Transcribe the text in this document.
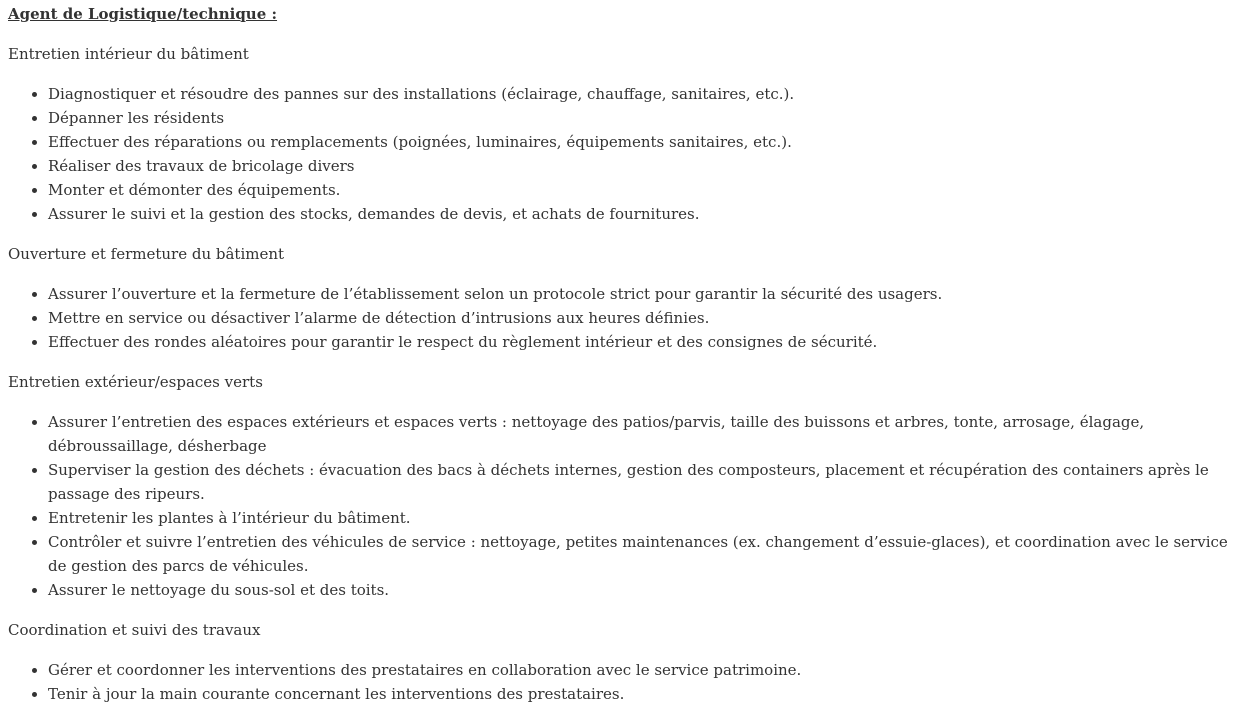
Agent de Logistique/technique :

Entretien intérieur du bâtiment

• Diagnostiquer et résoudre des pannes sur des installations (éclairage, chauffage, sanitaires, etc.).
• Dépanner les résidents
• Effectuer des réparations ou remplacements (poignées, luminaires, équipements sanitaires, etc.).
• Réaliser des travaux de bricolage divers
• Monter et démonter des équipements.
• Assurer le suivi et la gestion des stocks, demandes de devis, et achats de fournitures.

Ouverture et fermeture du bâtiment

• Assurer l’ouverture et la fermeture de l’établissement selon un protocole strict pour garantir la sécurité des usagers.
• Mettre en service ou désactiver l’alarme de détection d’intrusions aux heures définies.
• Effectuer des rondes aléatoires pour garantir le respect du règlement intérieur et des consignes de sécurité.

Entretien extérieur/espaces verts

• Assurer l’entretien des espaces extérieurs et espaces verts : nettoyage des patios/parvis, taille des buissons et arbres, tonte, arrosage, élagage, débroussaillage, désherbage
• Superviser la gestion des déchets : évacuation des bacs à déchets internes, gestion des composteurs, placement et récupération des containers après le passage des ripeurs.
• Entretenir les plantes à l’intérieur du bâtiment.
• Contrôler et suivre l’entretien des véhicules de service : nettoyage, petites maintenances (ex. changement d’essuie-glaces), et coordination avec le service de gestion des parcs de véhicules.
• Assurer le nettoyage du sous-sol et des toits.

Coordination et suivi des travaux

• Gérer et coordonner les interventions des prestataires en collaboration avec le service patrimoine.
• Tenir à jour la main courante concernant les interventions des prestataires.
